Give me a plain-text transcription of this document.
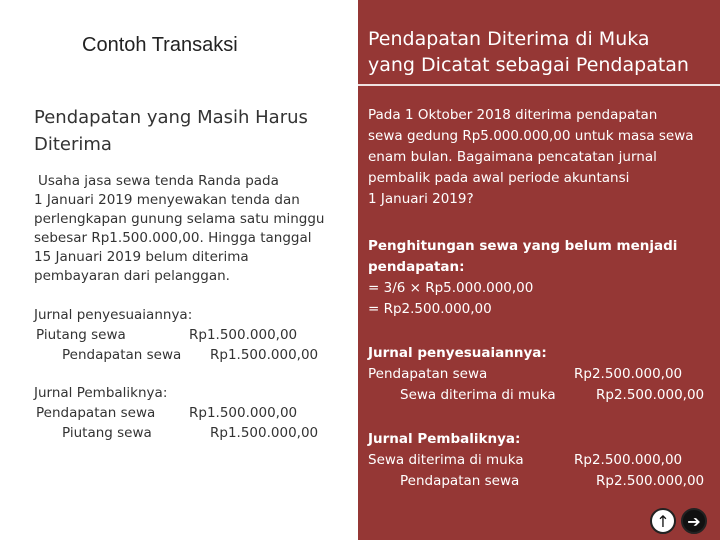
Contoh Transaksi
Pendapatan yang Masih Harus
Diterima

Usaha jasa sewa tenda Randa pada

1 Januari 2019 menyewakan tenda dan

perlengkapan gunung selama satu minggu

sebesar Rp1.500.000,00. Hingga tanggal

15 Januari 2019 belum diterima

pembayaran dari pelanggan.

Jurnal penyesuaiannya:
Piutang sewa	Rp1.500.000,00
Pendapatan sewa Rp1.500.000,00
Jurnal Pembaliknya:
Pendapatan sewa Rp1.500.000,00
Piutang sewa	Rp1.500.000,00
Pendapatan Diterima di Muka
yang Dicatat sebagai Pendapatan

Pada 1 Oktober 2018 diterima pendapatan

sewa gedung Rp5.000.000,00 untuk masa sewa

enam bulan. Bagaimana pencatatan jurnal

pembalik pada awal periode akuntansi

1 Januari 2019?

Penghitungan sewa yang belum menjadi
pendapatan:
= 3/6 × Rp5.000.000,00
= Rp2.500.000,00
Jurnal penyesuaiannya:
Pendapatan sewa	Rp2.500.000,00
Sewa diterima di muka	Rp2.500.000,00
Jurnal Pembaliknya:
Sewa diterima di muka	Rp2.500.000,00
Pendapatan sewa	Rp2.500.000,00
↑ ➔
